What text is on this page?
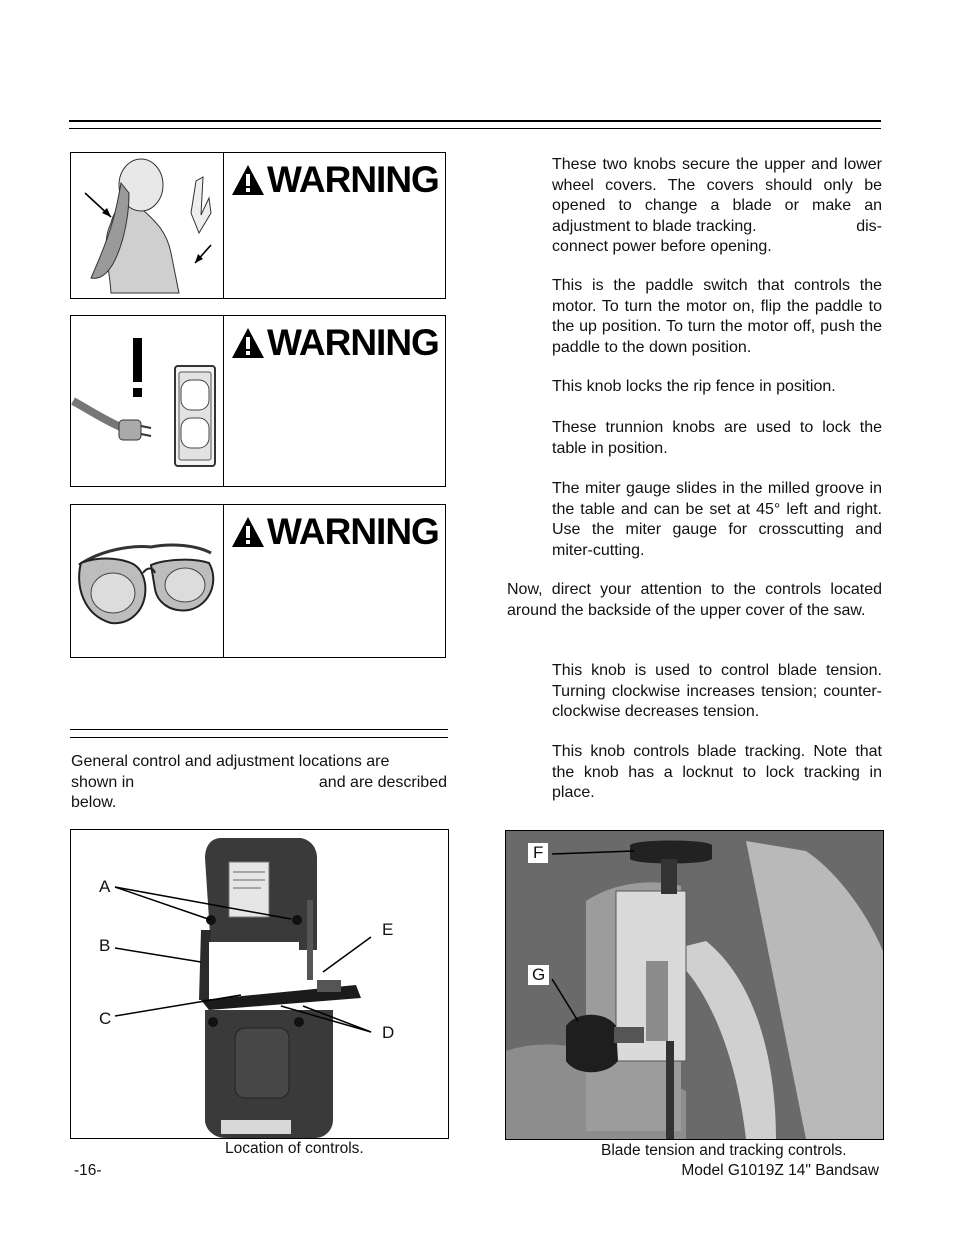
WARNING
WARNING
WARNING
General control and adjustment locations are
shown in	and are described
below.
A
B
C
D
E
Location of controls.
These two knobs secure the upper and lower wheel covers. The covers should only be opened to change a blade or make an adjustment to blade tracking.	dis-
connect power before opening.
This is the paddle switch that controls the motor. To turn the motor on, flip the paddle to the up position. To turn the motor off, push the paddle to the down position.
This knob locks the rip fence in position.
These trunnion knobs are used to lock the table in position.
The miter gauge slides in the milled groove in the table and can be set at 45° left and right. Use the miter gauge for crosscutting and miter-cutting.
Now, direct your attention to the controls located around the backside of the upper cover of the saw.
This knob is used to control blade tension. Turning clockwise increases tension; counter-clockwise decreases tension.
This knob controls blade tracking. Note that the knob has a locknut to lock tracking in place.
F
G
Blade tension and tracking controls.
-16-	Model G1019Z 14" Bandsaw
